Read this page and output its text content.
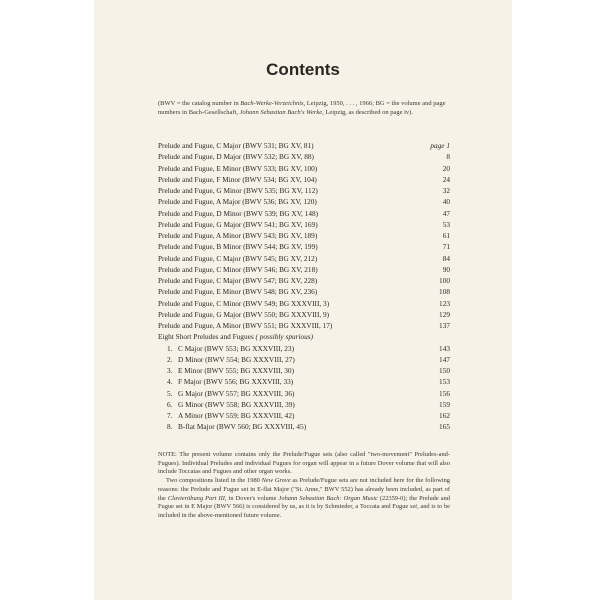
Contents
(BWV = the catalog number in Bach-Werke-Verzeichnis, Leipzig, 1950, . . . , 1966; BG = the volume and page numbers in Bach-Gesellschaft, Johann Sebastian Bach's Werke, Leipzig, as described on page iv).
Prelude and Fugue, C Major (BWV 531; BG XV, 81)	page 1
Prelude and Fugue, D Major (BWV 532; BG XV, 88)	8
Prelude and Fugue, E Minor (BWV 533; BG XV, 100)	20
Prelude and Fugue, F Minor (BWV 534; BG XV, 104)	24
Prelude and Fugue, G Minor (BWV 535; BG XV, 112)	32
Prelude and Fugue, A Major (BWV 536; BG XV, 120)	40
Prelude and Fugue, D Minor (BWV 539; BG XV, 148)	47
Prelude and Fugue, G Major (BWV 541; BG XV, 169)	53
Prelude and Fugue, A Minor (BWV 543; BG XV, 189)	61
Prelude and Fugue, B Minor (BWV 544; BG XV, 199)	71
Prelude and Fugue, C Major (BWV 545; BG XV, 212)	84
Prelude and Fugue, C Minor (BWV 546; BG XV, 218)	90
Prelude and Fugue, C Major (BWV 547; BG XV, 228)	100
Prelude and Fugue, E Minor (BWV 548; BG XV, 236)	108
Prelude and Fugue, C Minor (BWV 549; BG XXXVIII, 3)	123
Prelude and Fugue, G Major (BWV 550; BG XXXVIII, 9)	129
Prelude and Fugue, A Minor (BWV 551; BG XXXVIII, 17)	137
Eight Short Preludes and Fugues ( possibly spurious)
1. C Major (BWV 553; BG XXXVIII, 23)	143
2. D Minor (BWV 554; BG XXXVIII, 27)	147
3. E Minor (BWV 555; BG XXXVIII, 30)	150
4. F Major (BWV 556; BG XXXVIII, 33)	153
5. G Major (BWV 557; BG XXXVIII, 36)	156
6. G Minor (BWV 558; BG XXXVIII, 39)	159
7. A Minor (BWV 559; BG XXXVIII, 42)	162
8. B-flat Major (BWV 560; BG XXXVIII, 45)	165

NOTE: The present volume contains only the Prelude/Fugue sets (also called "two-movement" Preludes-and-Fugues). Individual Preludes and individual Fugues for organ will appear in a future Dover volume that will also include Toccatas and Fugues and other organ works.

Two compositions listed in the 1980 New Grove as Prelude/Fugue sets are not included here for the following reasons: the Prelude and Fugue set in E-flat Major ("St. Anne," BWV 552) has already been included, as part of the Clavierübung Part III, in Dover's volume Johann Sebastian Bach: Organ Music (22359-0); the Prelude and Fugue set in E Major (BWV 566) is considered by us, as it is by Schmieder, a Toccata and Fugue set, and is to be included in the above-mentioned future volume.
